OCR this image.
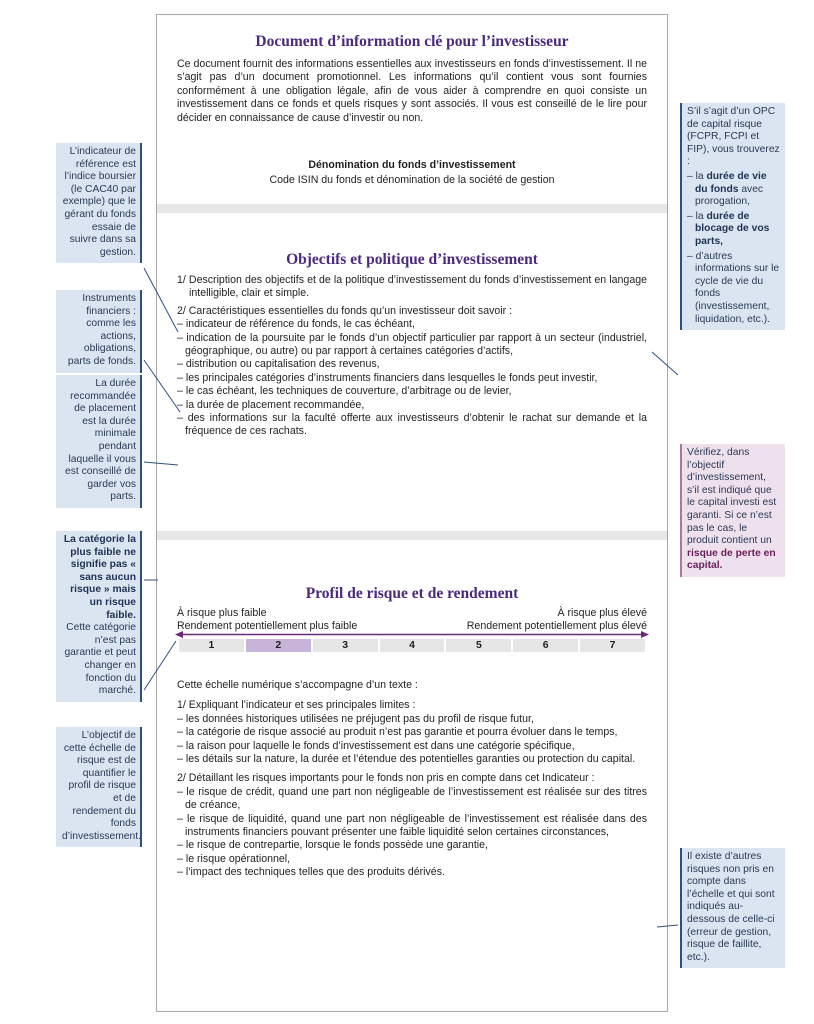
Document d’information clé pour l’investisseur
Ce document fournit des informations essentielles aux investisseurs en fonds d’investissement. Il ne s’agit pas d’un document promotionnel. Les informations qu’il contient vous sont fournies conformément à une obligation légale, afin de vous aider à comprendre en quoi consiste un investissement dans ce fonds et quels risques y sont associés. Il vous est conseillé de le lire pour décider en connaissance de cause d’investir ou non.
Dénomination du fonds d’investissement
Code ISIN du fonds et dénomination de la société de gestion
Objectifs et politique d’investissement
1/ Description des objectifs et de la politique d’investissement du fonds d’investissement en langage intelligible, clair et simple.
2/ Caractéristiques essentielles du fonds qu’un investisseur doit savoir :
– indicateur de référence du fonds, le cas échéant,
– indication de la poursuite par le fonds d’un objectif particulier par rapport à un secteur (industriel, géographique, ou autre) ou par rapport à certaines catégories d’actifs,
– distribution ou capitalisation des revenus,
– les principales catégories d’instruments financiers dans lesquelles le fonds peut investir,
– le cas échéant, les techniques de couverture, d’arbitrage ou de levier,
– la durée de placement recommandée,
– des informations sur la faculté offerte aux investisseurs d’obtenir le rachat sur demande et la fréquence de ces rachats.
Profil de risque et de rendement
À risque plus faible	À risque plus élevé
Rendement potentiellement plus faible	Rendement potentiellement plus élevé
1	2	3	4	5	6	7
Cette échelle numérique s’accompagne d’un texte :
1/ Expliquant l’indicateur et ses principales limites :
– les données historiques utilisées ne préjugent pas du profil de risque futur,
– la catégorie de risque associé au produit n’est pas garantie et pourra évoluer dans le temps,
– la raison pour laquelle le fonds d’investissement est dans une catégorie spécifique,
– les détails sur la nature, la durée et l’étendue des potentielles garanties ou protection du capital.
2/ Détaillant les risques importants pour le fonds non pris en compte dans cet Indicateur :
– le risque de crédit, quand une part non négligeable de l’investissement est réalisée sur des titres de créance,
– le risque de liquidité, quand une part non négligeable de l’investissement est réalisée dans des instruments financiers pouvant présenter une faible liquidité selon certaines circonstances,
– le risque de contrepartie, lorsque le fonds possède une garantie,
– le risque opérationnel,
– l’impact des techniques telles que des produits dérivés.
L’indicateur de référence est l’indice boursier (le CAC40 par exemple) que le gérant du fonds essaie de suivre dans sa gestion.
Instruments financiers : comme les actions, obligations, parts de fonds.
La durée recommandée de placement est la durée minimale pendant laquelle il vous est conseillé de garder vos parts.
La catégorie la plus faible ne signifie pas « sans aucun risque » mais un risque faible.
Cette catégorie n’est pas garantie et peut changer en fonction du marché.
L’objectif de cette échelle de risque est de quantifier le profil de risque et de rendement du fonds d’investissement.
S’il s’agit d’un OPC de capital risque (FCPR, FCPI et FIP), vous trouverez :
– la durée de vie du fonds avec prorogation,
– la durée de blocage de vos parts,
– d’autres informations sur le cycle de vie du fonds (investissement, liquidation, etc.).
Vérifiez, dans l’objectif d’investissement, s’il est indiqué que le capital investi est garanti. Si ce n’est pas le cas, le produit contient un risque de perte en capital.
Il existe d’autres risques non pris en compte dans l’échelle et qui sont indiqués au-dessous de celle-ci (erreur de gestion, risque de faillite, etc.).
